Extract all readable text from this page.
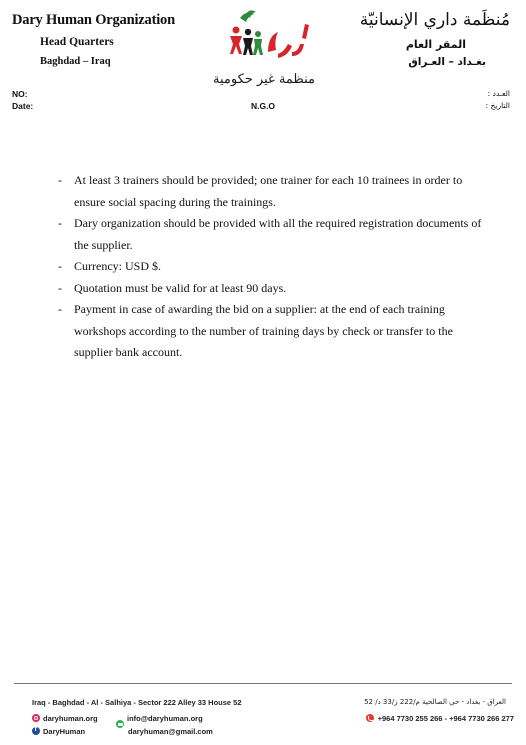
Dary Human Organization
Head Quarters
Baghdad – Iraq
مُنظَمة داري الإنسانيّة
المقر العام
بغـداد – العـراق
منظمة غير حكومية
N.G.O
NO:
Date:
العـدد :
التاريخ :
- At least 3 trainers should be provided; one trainer for each 10 trainees in order to ensure social spacing during the trainings.
- Dary organization should be provided with all the required registration documents of the supplier.
- Currency: USD $.
- Quotation must be valid for at least 90 days.
- Payment in case of awarding the bid on a supplier: at the end of each training workshops according to the number of training days by check or transfer to the supplier bank account.
Iraq - Baghdad - Al - Salhiya - Sector 222 Alley 33 House 52	العراق - بغداد - حي الصالحية م/222 ز/33 د/ 52
daryhuman.org
fDaryHuman
info@daryhuman.org
daryhuman@gmail.com
+964 7730 255 266 - +964 7730 266 277
